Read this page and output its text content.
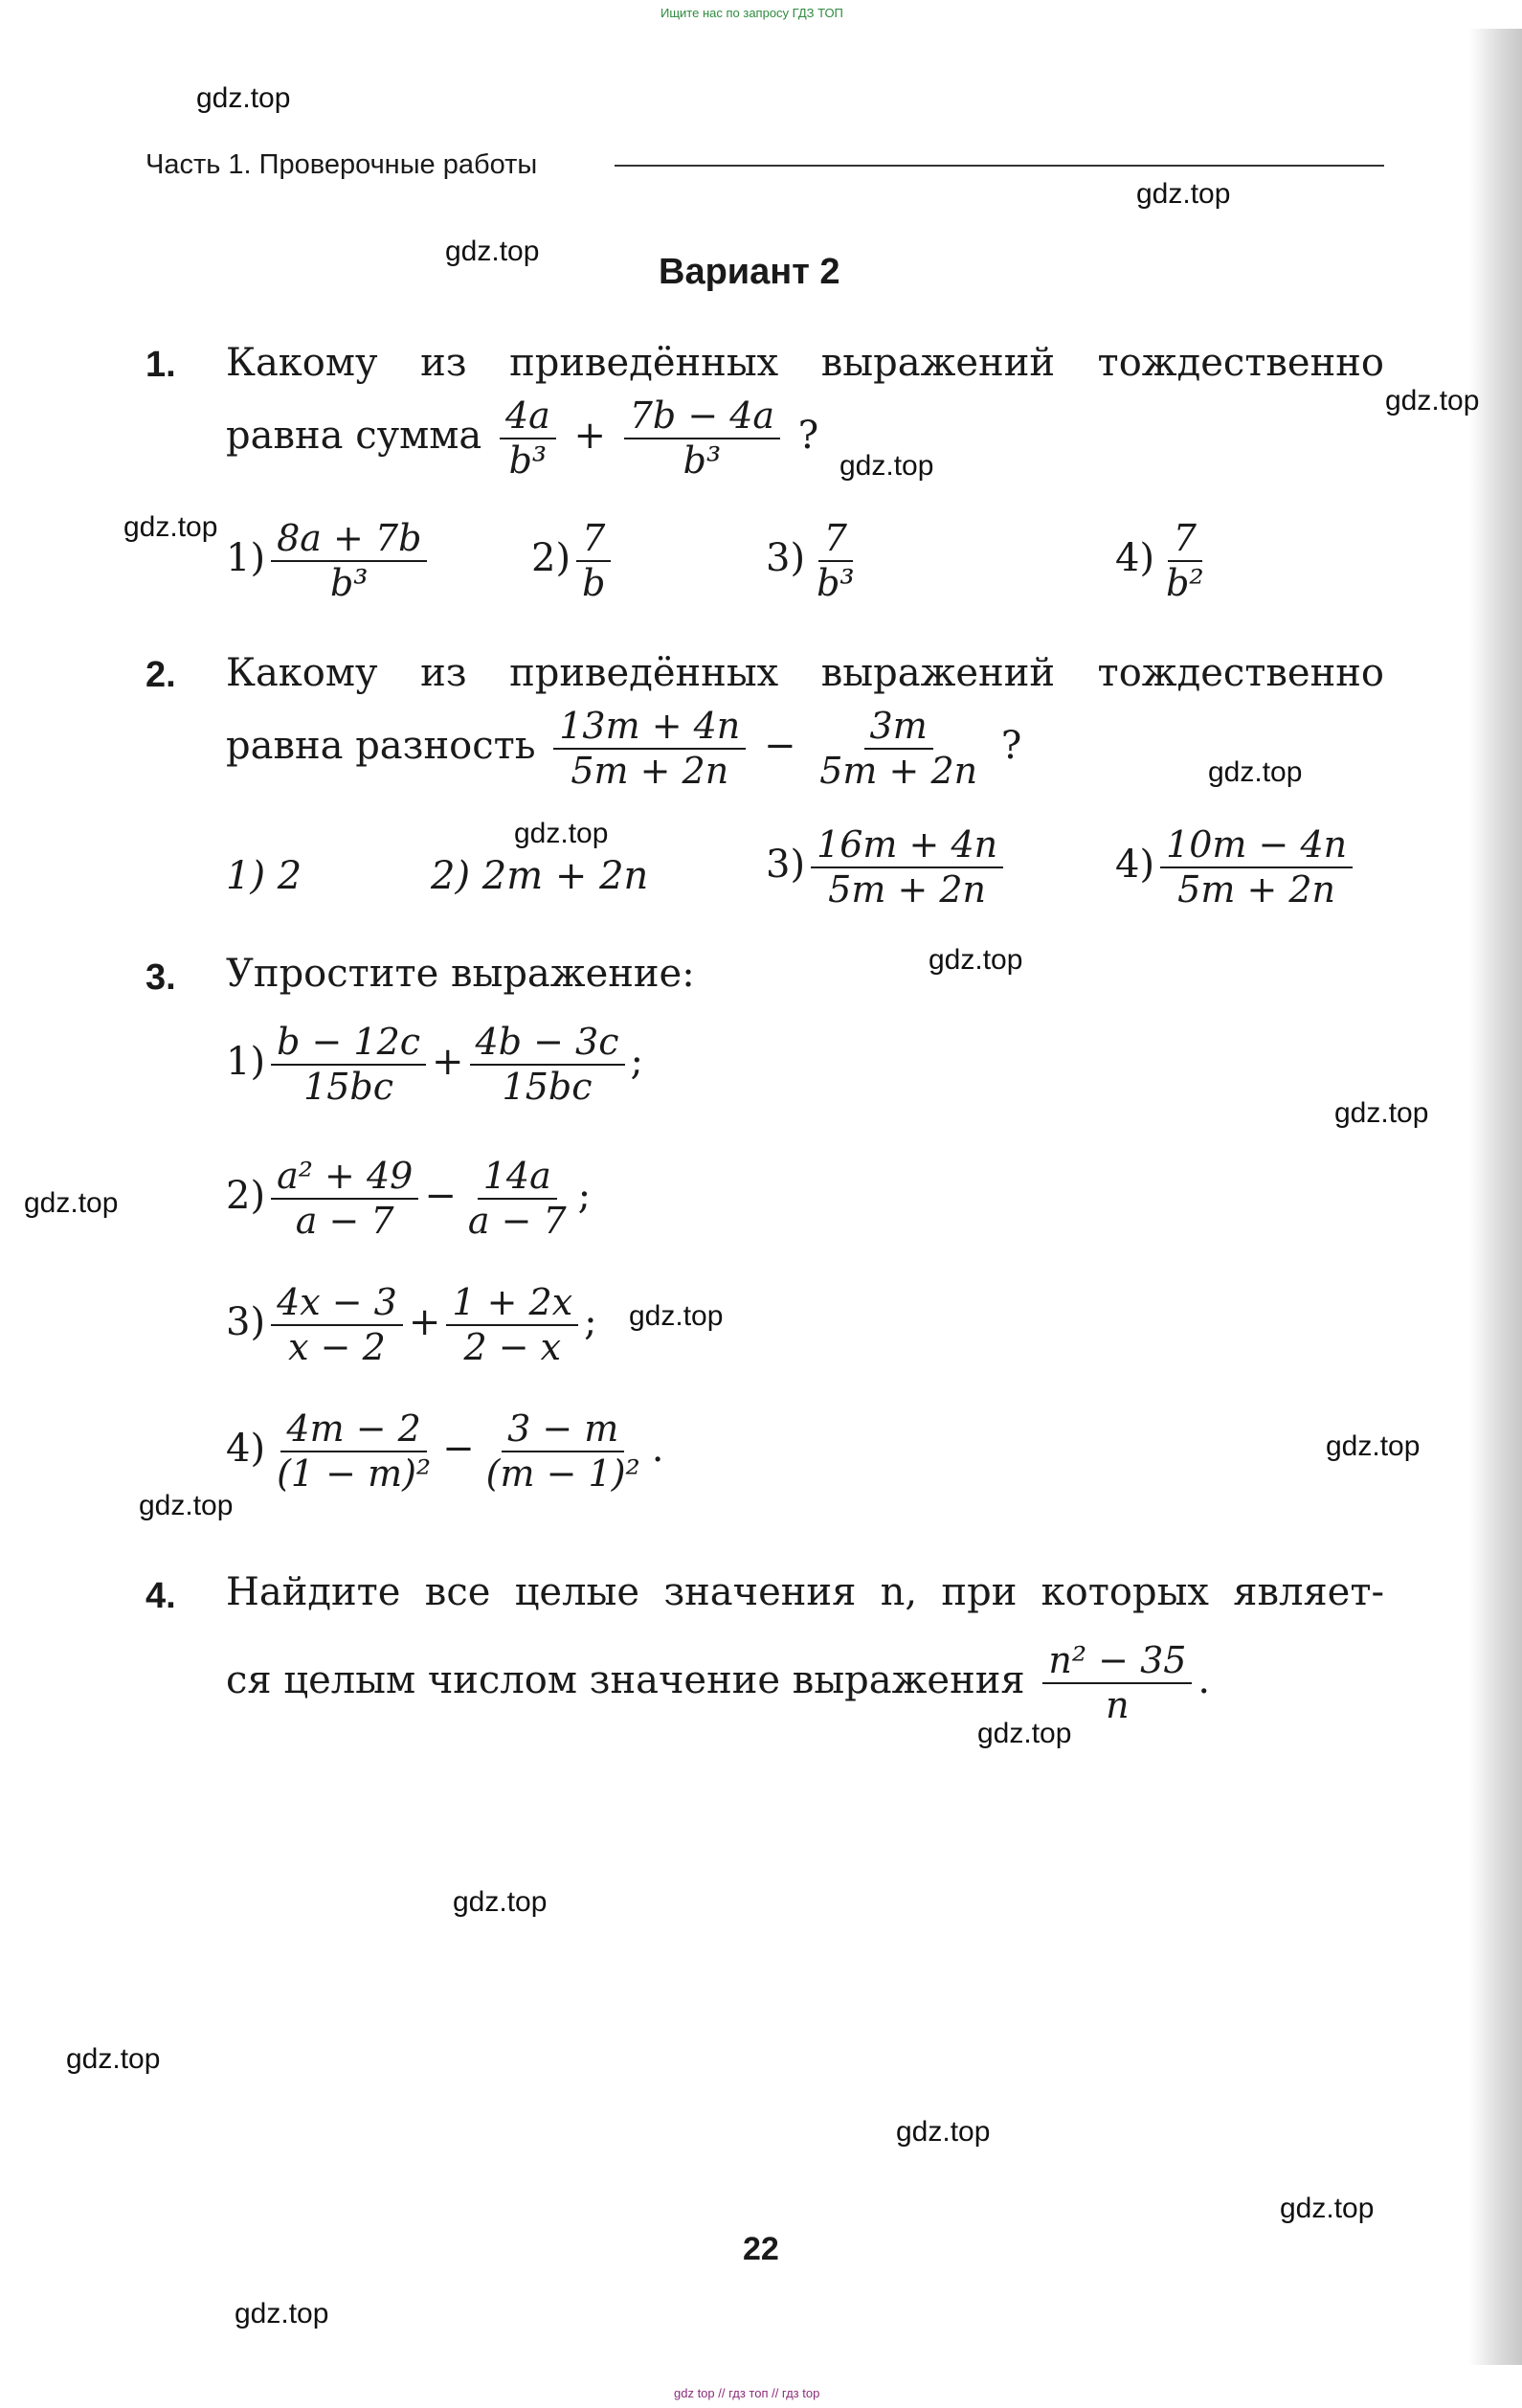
Ищите нас по запросу ГДЗ ТОП
gdz.top
gdz.top
gdz.top
gdz.top
gdz.top
gdz.top
gdz.top
gdz.top
gdz.top
gdz.top
gdz.top
gdz.top
gdz.top
gdz.top
gdz.top
gdz.top
gdz.top
gdz.top
gdz.top
gdz.top
Часть 1. Проверочные работы
Вариант 2
1. Какому из приведённых выражений тождественно
равна сумма $\frac{4a}{\text{b³}} + \frac{7b - 4a}{\text{b³}}$ ?
$1) \frac{8a + 7b}{\text{b³}}$	$2) \frac{7}{b}$	$3) \frac{7}{\text{b³}}$	$4) \frac{7}{\text{b²}}$
2. Какому из приведённых выражений тождественно
равна разность $\frac{13m + 4n}{5m + 2n} - \frac{3m}{5m + 2n}$ ?
1) 2	2) 2m + 2n	$3) \frac{16m + 4n}{5m + 2n}$	$4) \frac{10m - 4n}{5m + 2n}$
3. Упростите выражение:
$1) \frac{b - 12c}{15bc} + \frac{4b - 3c}{15bc}$ ;
$2) \frac{\text{a² + 49}}{a - 7} - \frac{14a}{a - 7}$ ;
$3) \frac{4x - 3}{x - 2} + \frac{1 + 2x}{2 - x}$ ;
$4) \frac{4m - 2}{\text{(1 − m)²}} - \frac{3 - m}{\text{(m − 1)²}}$ .
4. Найдите все целые значения n, при которых являет-
ся целым числом значение выражения $\frac{\text{n² − 35}}{n}$ .
22
gdz top // гдз топ // гдз top
